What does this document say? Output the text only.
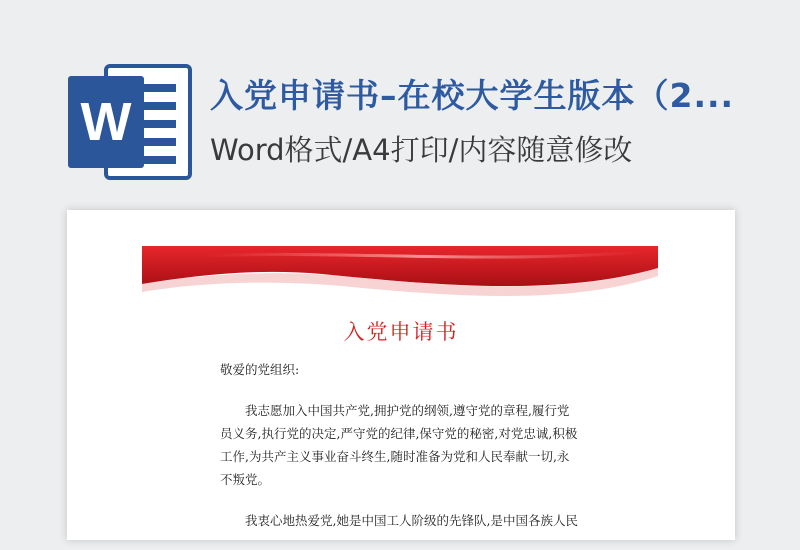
W 入党申请书–在校大学生版本（2...
Word格式/A4打印/内容随意修改
入党申请书

敬爱的党组织:

我志愿加入中国共产党,拥护党的纲领,遵守党的章程,履行党员义务,执行党的决定,严守党的纪律,保守党的秘密,对党忠诚,积极工作,为共产主义事业奋斗终生,随时准备为党和人民奉献一切,永不叛党。

我衷心地热爱党,她是中国工人阶级的先锋队,是中国各族人民
